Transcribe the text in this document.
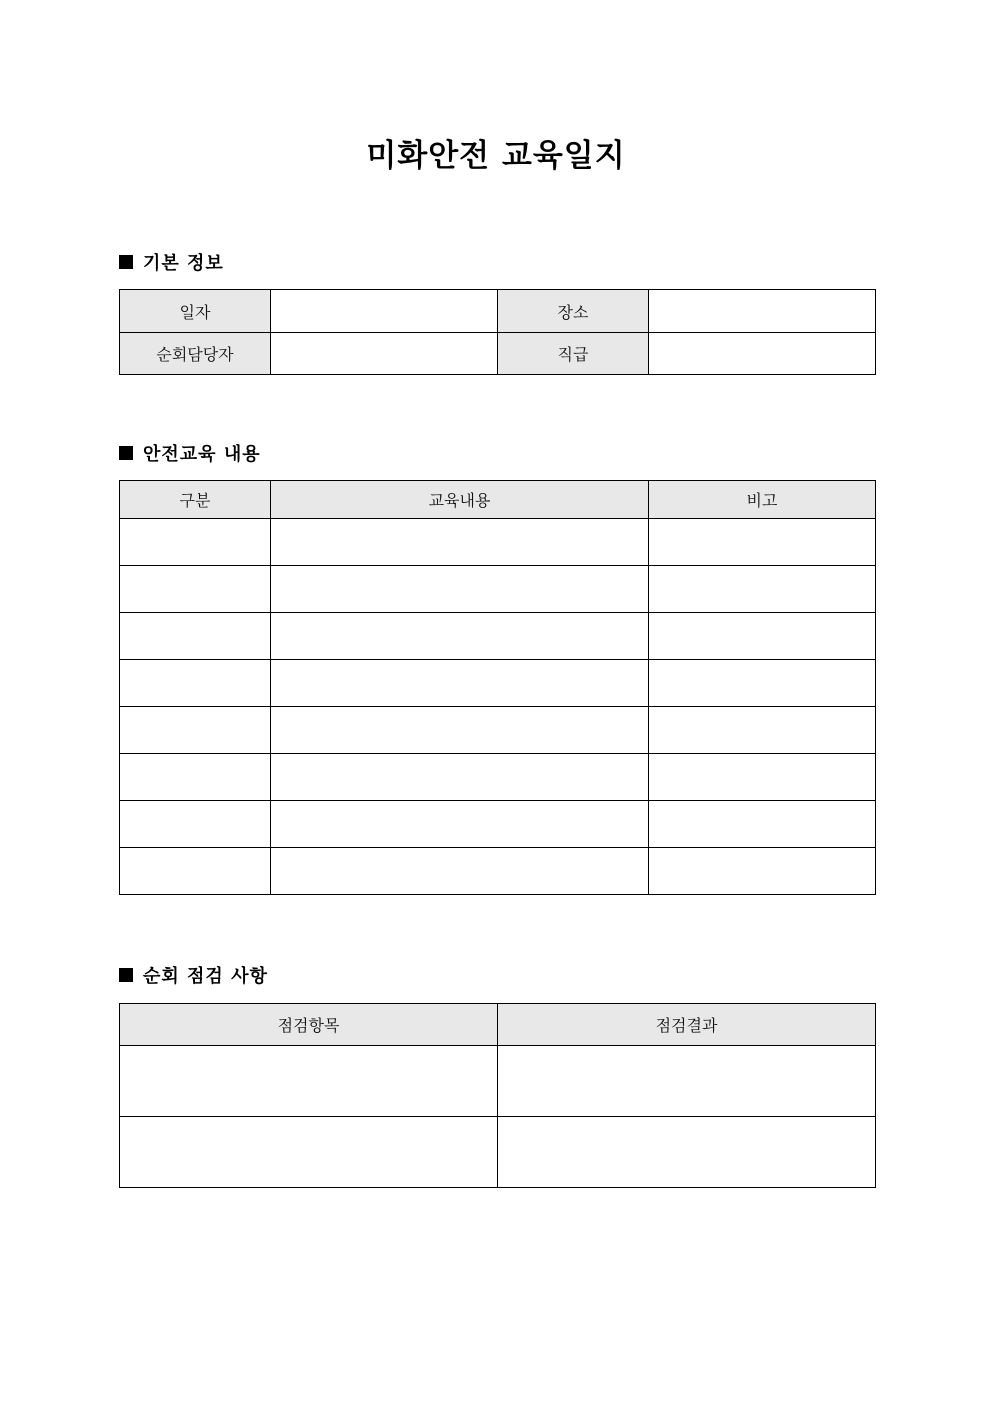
미화안전 교육일지
기본 정보
일자		장소	
순회담당자		직급	
안전교육 내용
구분	교육내용	비고

순회 점검 사항
점검항목	점검결과
